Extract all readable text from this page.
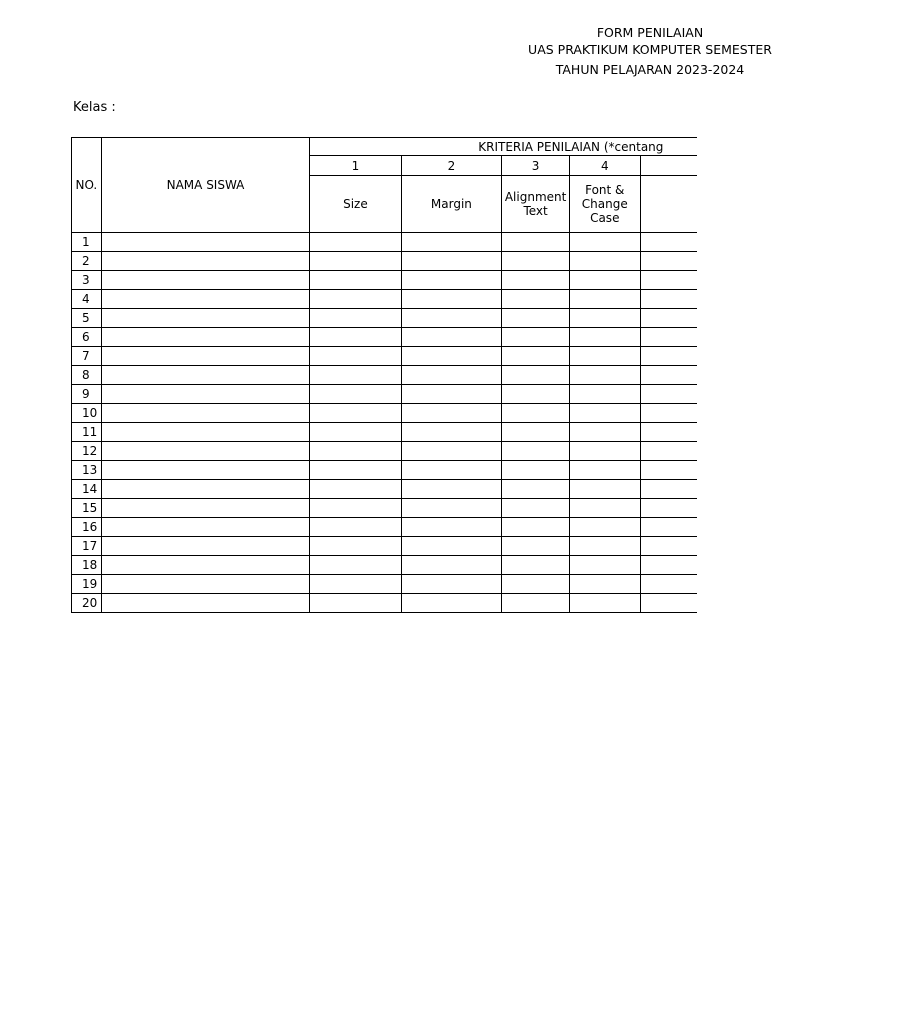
FORM PENILAIAN
UAS PRAKTIKUM KOMPUTER SEMESTER
TAHUN PELAJARAN 2023-2024
Kelas :
NO.	NAMA SISWA	KRITERIA PENILAIAN (*centang				
		1	2	3	4	
		Size	Margin	Alignment Text	Font & Change Case	
1						
2						
3						
4						
5						
6						
7						
8						
9						
10						
11						
12						
13						
14						
15						
16						
17						
18						
19						
20						
